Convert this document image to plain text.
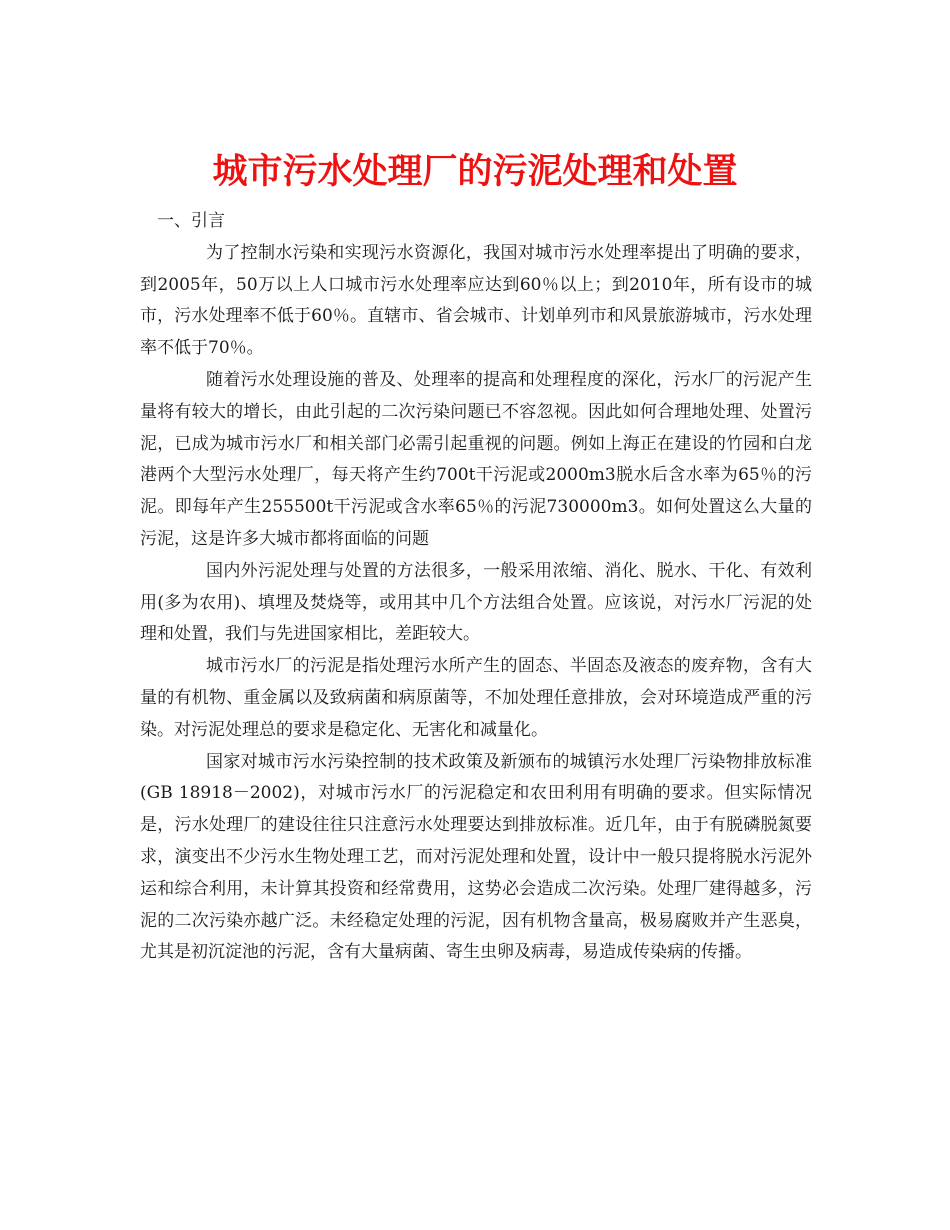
城市污水处理厂的污泥处理和处置

一、引言

为了控制水污染和实现污水资源化，我国对城市污水处理率提出了明确的要求，到2005年，50万以上人口城市污水处理率应达到60％以上；到2010年，所有设市的城市，污水处理率不低于60％。直辖市、省会城市、计划单列市和风景旅游城市，污水处理率不低于70％。

随着污水处理设施的普及、处理率的提高和处理程度的深化，污水厂的污泥产生量将有较大的增长，由此引起的二次污染问题已不容忽视。因此如何合理地处理、处置污泥，已成为城市污水厂和相关部门必需引起重视的问题。例如上海正在建设的竹园和白龙港两个大型污水处理厂，每天将产生约700t干污泥或2000m3脱水后含水率为65％的污泥。即每年产生255500t干污泥或含水率65％的污泥730000m3。如何处置这么大量的污泥，这是许多大城市都将面临的问题

国内外污泥处理与处置的方法很多，一般采用浓缩、消化、脱水、干化、有效利用(多为农用)、填埋及焚烧等，或用其中几个方法组合处置。应该说，对污水厂污泥的处理和处置，我们与先进国家相比，差距较大。

城市污水厂的污泥是指处理污水所产生的固态、半固态及液态的废弃物，含有大量的有机物、重金属以及致病菌和病原菌等，不加处理任意排放，会对环境造成严重的污染。对污泥处理总的要求是稳定化、无害化和减量化。

国家对城市污水污染控制的技术政策及新颁布的城镇污水处理厂污染物排放标准(GB 18918－2002)，对城市污水厂的污泥稳定和农田利用有明确的要求。但实际情况是，污水处理厂的建设往往只注意污水处理要达到排放标准。近几年，由于有脱磷脱氮要求，演变出不少污水生物处理工艺，而对污泥处理和处置，设计中一般只提将脱水污泥外运和综合利用，未计算其投资和经常费用，这势必会造成二次污染。处理厂建得越多，污泥的二次污染亦越广泛。未经稳定处理的污泥，因有机物含量高，极易腐败并产生恶臭，尤其是初沉淀池的污泥，含有大量病菌、寄生虫卵及病毒，易造成传染病的传播。
